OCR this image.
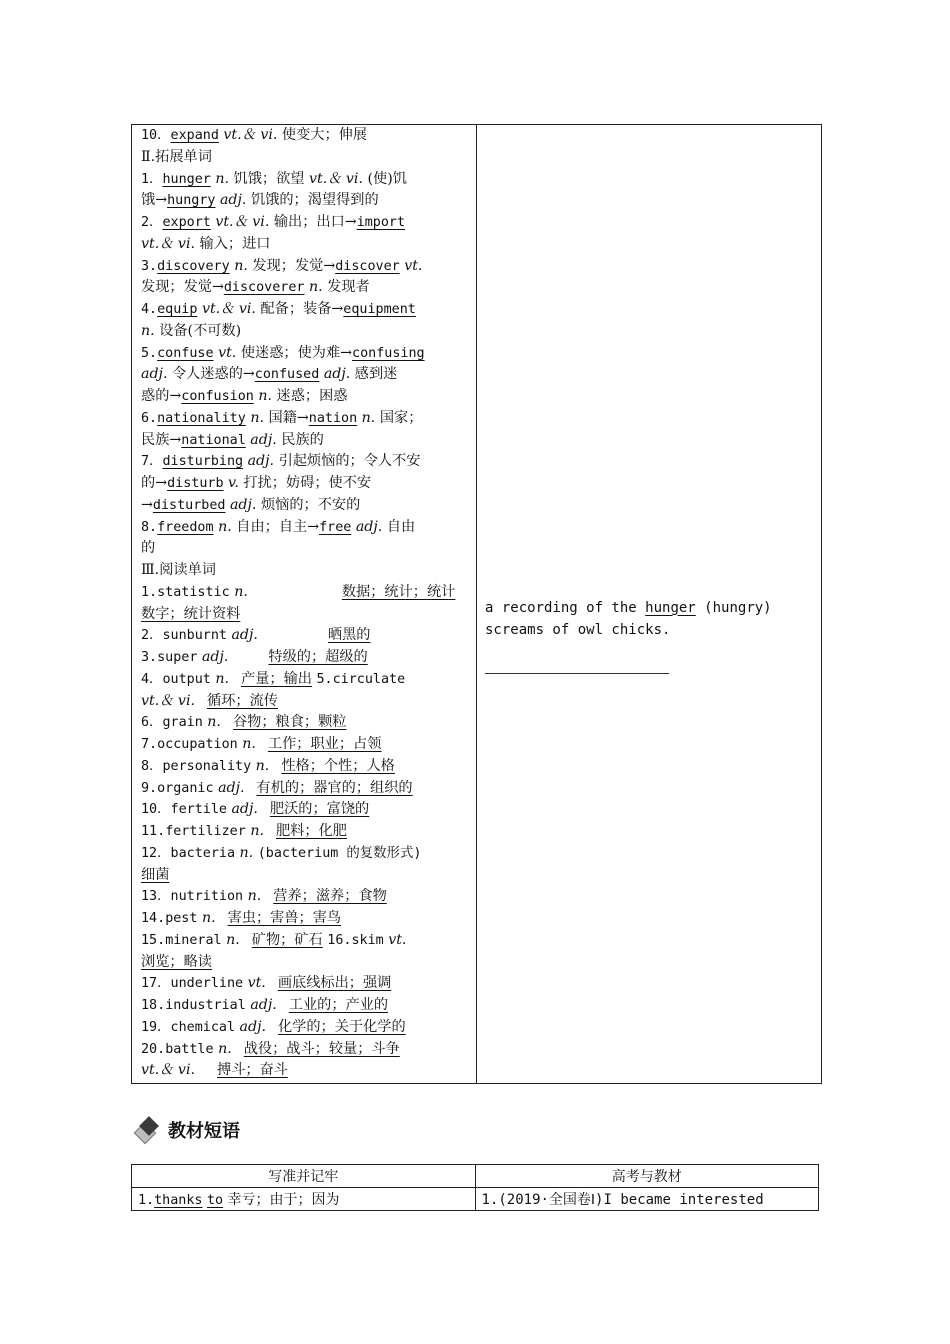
10．expand vt.＆ vi. 使变大；伸展
Ⅱ.拓展单词
1．hunger n. 饥饿；欲望 vt.＆ vi. (使)饥
饿→hungry adj. 饥饿的；渴望得到的
2．export vt.＆ vi. 输出；出口→import
vt.＆ vi. 输入；进口
3.discovery n. 发现；发觉→discover vt.
发现；发觉→discoverer n. 发现者
4.equip vt.＆ vi. 配备；装备→equipment
n. 设备(不可数)
5.confuse vt. 使迷惑；使为难→confusing
adj. 令人迷惑的→confused adj. 感到迷
惑的→confusion n. 迷惑；困惑
6.nationality n. 国籍→nation n. 国家；
民族→national adj. 民族的
7．disturbing adj. 引起烦恼的；令人不安
的→disturb v. 打扰；妨碍；使不安
→disturbed adj. 烦恼的；不安的
8.freedom n. 自由；自主→free adj. 自由
的
Ⅲ.阅读单词
1.statistic n.	数据；统计；统计
数字；统计资料
2．sunburnt adj.	晒黑的
3.super adj.	特级的；超级的
4．output n. 产量；输出 5.circulate
vt.＆ vi. 循环；流传
6．grain n. 谷物；粮食；颗粒
7.occupation n. 工作；职业；占领
8．personality n. 性格；个性；人格
9.organic adj. 有机的；器官的；组织的
10．fertile adj. 肥沃的；富饶的
11.fertilizer n. 肥料；化肥
12．bacteria n. (bacterium 的复数形式)
细菌
13．nutrition n. 营养；滋养；食物
14.pest n. 害虫；害兽；害鸟
15.mineral n. 矿物；矿石 16.skim vt.
浏览；略读
17．underline vt. 画底线标出；强调
18.industrial adj. 工业的；产业的
19．chemical adj. 化学的；关于化学的
20.battle n. 战役；战斗；较量；斗争
vt.＆ vi. 搏斗；奋斗

a recording of the hunger (hungry)
screams of owl chicks.
教材短语
写准并记牢	高考与教材
1.thanks to 幸亏；由于；因为	1.(2019·全国卷Ⅰ)I became interested
